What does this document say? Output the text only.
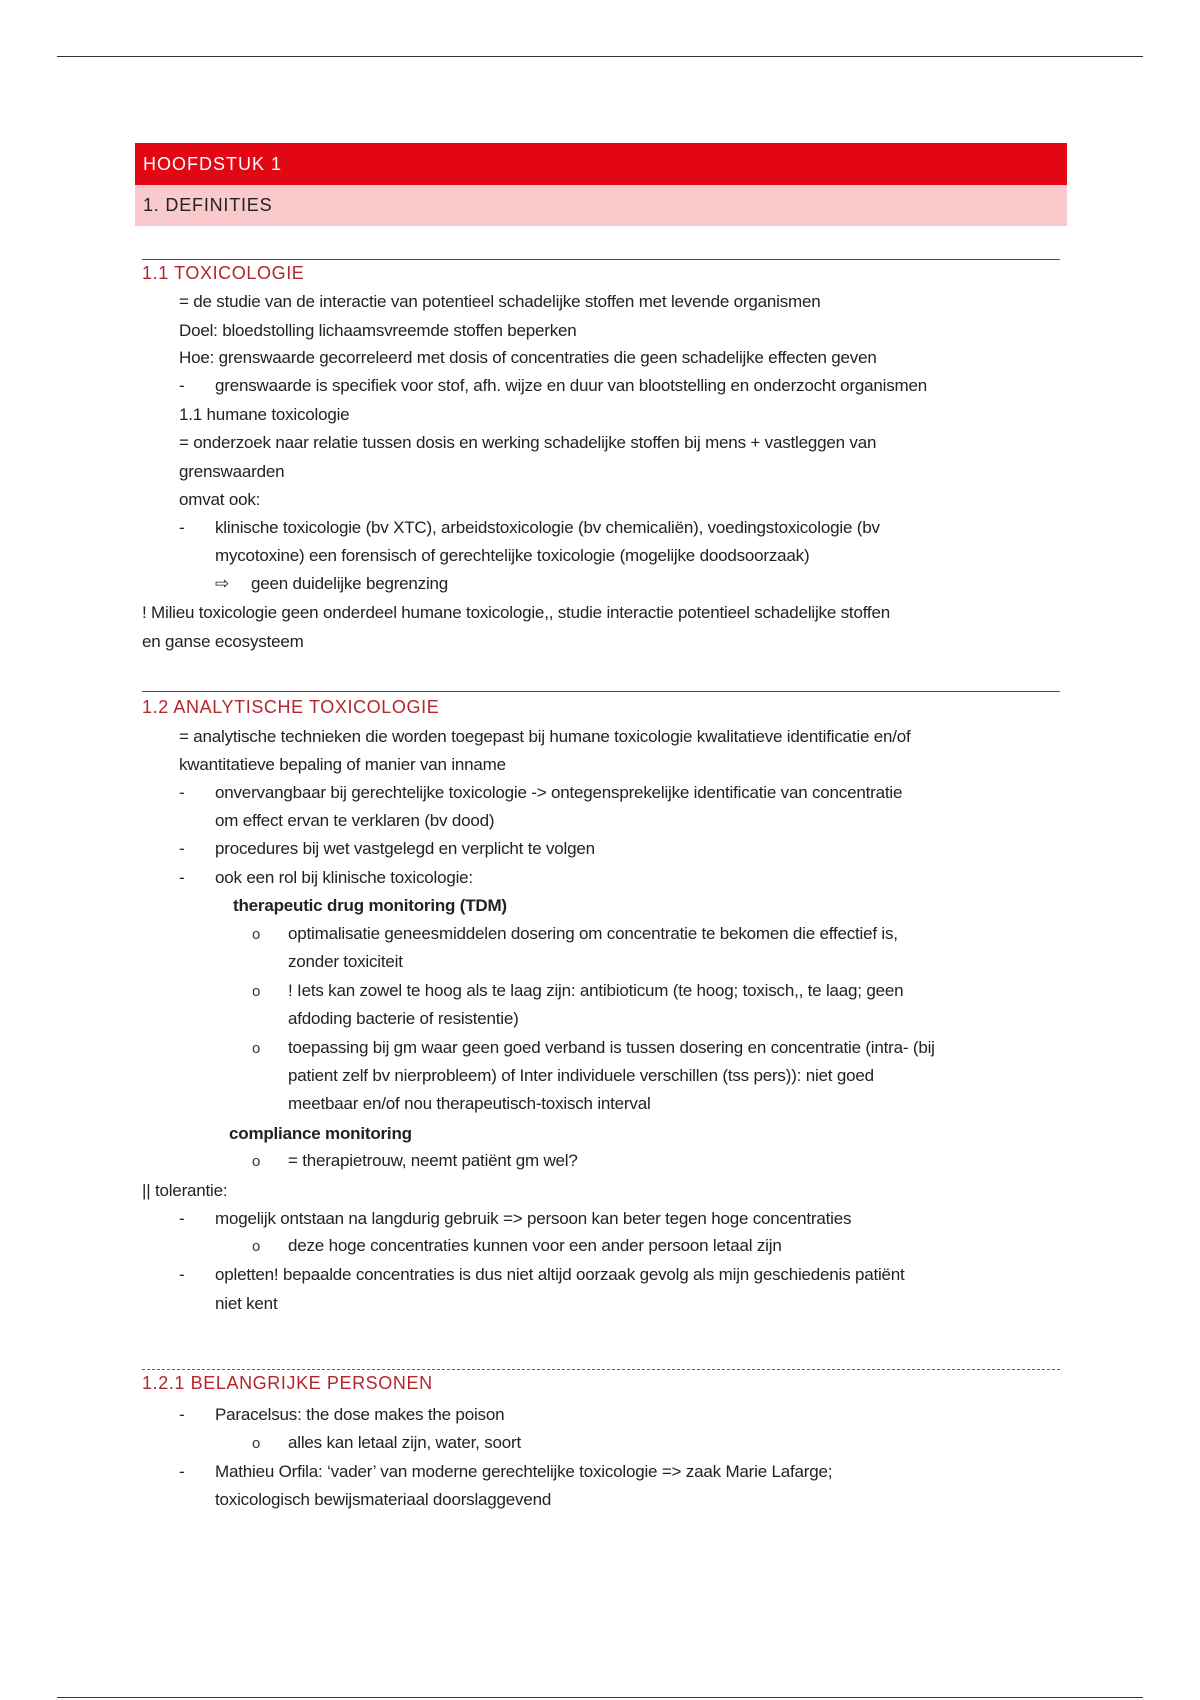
HOOFDSTUK 1
1. DEFINITIES
1.1 TOXICOLOGIE
= de studie van de interactie van potentieel schadelijke stoffen met levende organismen
Doel: bloedstolling lichaamsvreemde stoffen beperken
Hoe: grenswaarde gecorreleerd met dosis of concentraties die geen schadelijke effecten geven
- grenswaarde is specifiek voor stof, afh. wijze en duur van blootstelling en onderzocht organismen
1.1 humane toxicologie
= onderzoek naar relatie tussen dosis en werking schadelijke stoffen bij mens + vastleggen van
grenswaarden
omvat ook:
- klinische toxicologie (bv XTC), arbeidstoxicologie (bv chemicaliën), voedingstoxicologie (bv
mycotoxine) een forensisch of gerechtelijke toxicologie (mogelijke doodsoorzaak)
⇨ geen duidelijke begrenzing
! Milieu toxicologie geen onderdeel humane toxicologie,, studie interactie potentieel schadelijke stoffen
en ganse ecosysteem
1.2 ANALYTISCHE TOXICOLOGIE
= analytische technieken die worden toegepast bij humane toxicologie kwalitatieve identificatie en/of
kwantitatieve bepaling of manier van inname
- onvervangbaar bij gerechtelijke toxicologie -> ontegensprekelijke identificatie van concentratie
om effect ervan te verklaren (bv dood)
- procedures bij wet vastgelegd en verplicht te volgen
- ook een rol bij klinische toxicologie:
therapeutic drug monitoring (TDM)
o optimalisatie geneesmiddelen dosering om concentratie te bekomen die effectief is,
zonder toxiciteit
o ! Iets kan zowel te hoog als te laag zijn: antibioticum (te hoog; toxisch,, te laag; geen
afdoding bacterie of resistentie)
o toepassing bij gm waar geen goed verband is tussen dosering en concentratie (intra- (bij
patient zelf bv nierprobleem) of Inter individuele verschillen (tss pers)): niet goed
meetbaar en/of nou therapeutisch-toxisch interval
compliance monitoring
o = therapietrouw, neemt patiënt gm wel?
|| tolerantie:
- mogelijk ontstaan na langdurig gebruik => persoon kan beter tegen hoge concentraties
o deze hoge concentraties kunnen voor een ander persoon letaal zijn
- opletten! bepaalde concentraties is dus niet altijd oorzaak gevolg als mijn geschiedenis patiënt
niet kent
1.2.1 BELANGRIJKE PERSONEN
- Paracelsus: the dose makes the poison
o alles kan letaal zijn, water, soort
- Mathieu Orfila: ‘vader’ van moderne gerechtelijke toxicologie => zaak Marie Lafarge;
toxicologisch bewijsmateriaal doorslaggevend
